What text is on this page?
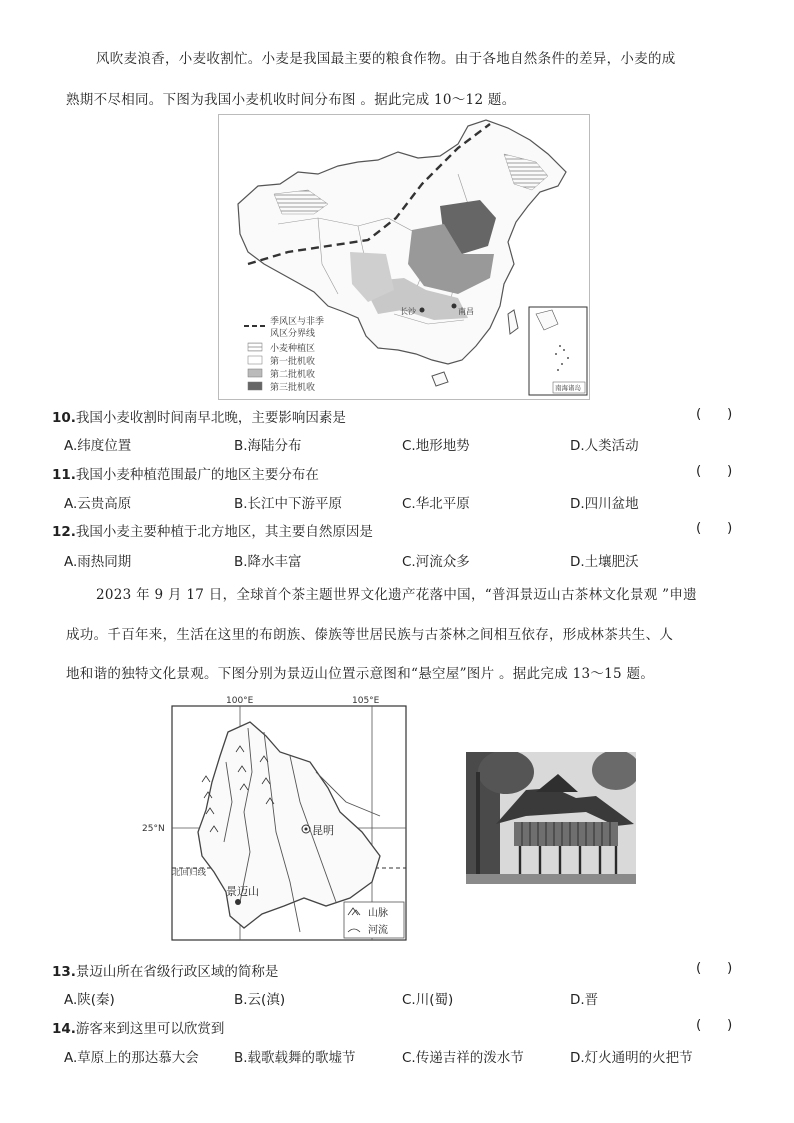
风吹麦浪香，小麦收割忙。小麦是我国最主要的粮食作物。由于各地自然条件的差异，小麦的成
熟期不尽相同。下图为我国小麦机收时间分布图 。据此完成 10～12 题。
长沙	南昌
季风区与非季
风区分界线
小麦种植区
第一批机收
第二批机收
第三批机收	南海诸岛
10.我国小麦收割时间南早北晚，主要影响因素是	(      )
A.纬度位置	B.海陆分布	C.地形地势	D.人类活动
11.我国小麦种植范围最广的地区主要分布在	(      )
A.云贵高原	B.长江中下游平原	C.华北平原	D.四川盆地
12.我国小麦主要种植于北方地区，其主要自然原因是	(      )
A.雨热同期	B.降水丰富	C.河流众多	D.土壤肥沃
2023 年 9 月 17 日，全球首个茶主题世界文化遗产花落中国，“普洱景迈山古茶林文化景观 ”申遗
成功。千百年来，生活在这里的布朗族、傣族等世居民族与古茶林之间相互依存，形成林茶共生、人
地和谐的独特文化景观。下图分别为景迈山位置示意图和“悬空屋”图片 。据此完成 13～15 题。
100°E	105°E
25°N
北回归线
昆明
景迈山
山脉
河流
13.景迈山所在省级行政区域的简称是	(      )
A.陕(秦)	B.云(滇)	C.川(蜀)	D.晋
14.游客来到这里可以欣赏到	(      )
A.草原上的那达慕大会	B.载歌载舞的歌墟节	C.传递吉祥的泼水节	D.灯火通明的火把节
